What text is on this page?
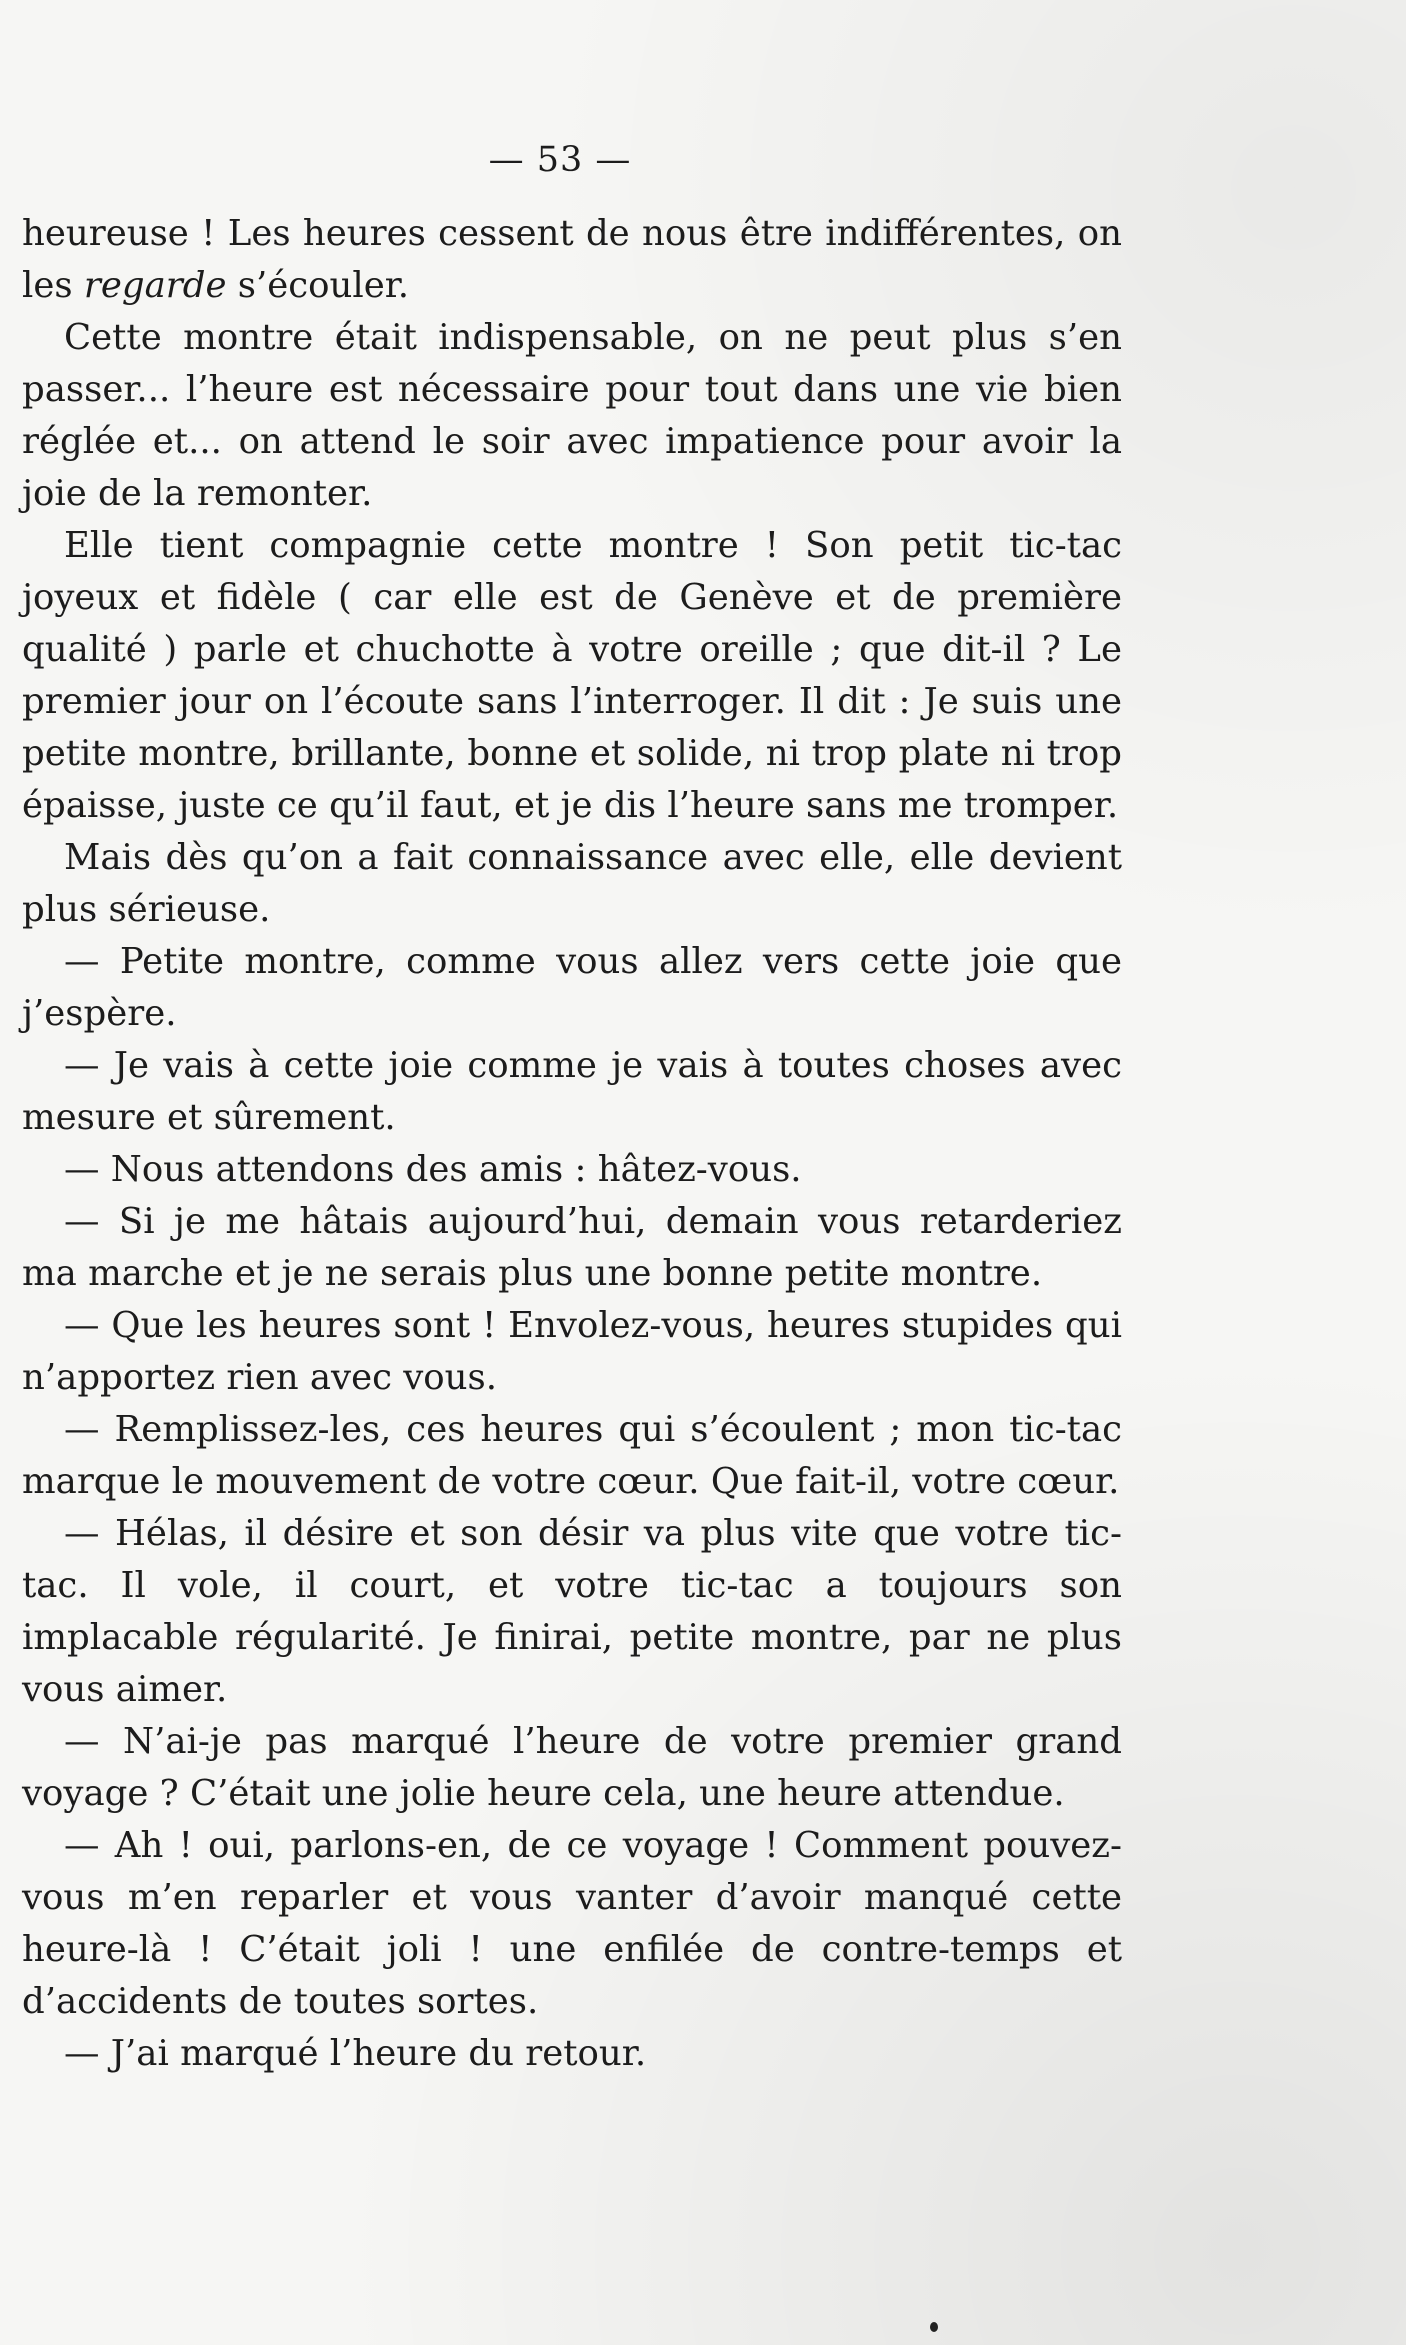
— 53 —

heureuse ! Les heures cessent de nous être indifférentes, on les regarde s’écouler.

Cette montre était indispensable, on ne peut plus s’en passer... l’heure est nécessaire pour tout dans une vie bien réglée et... on attend le soir avec impatience pour avoir la joie de la remonter.

Elle tient compagnie cette montre ! Son petit tic-tac joyeux et fidèle ( car elle est de Genève et de première qualité ) parle et chuchotte à votre oreille ; que dit-il ? Le premier jour on l’écoute sans l’interroger. Il dit : Je suis une petite montre, brillante, bonne et solide, ni trop plate ni trop épaisse, juste ce qu’il faut, et je dis l’heure sans me tromper.

Mais dès qu’on a fait connaissance avec elle, elle devient plus sérieuse.

— Petite montre, comme vous allez vers cette joie que j’espère.

— Je vais à cette joie comme je vais à toutes choses avec mesure et sûrement.

— Nous attendons des amis : hâtez-vous.

— Si je me hâtais aujourd’hui, demain vous retarderiez ma marche et je ne serais plus une bonne petite montre.

— Que les heures sont ! Envolez-vous, heures stupides qui n’apportez rien avec vous.

— Remplissez-les, ces heures qui s’écoulent ; mon tic-tac marque le mouvement de votre cœur. Que fait-il, votre cœur.

— Hélas, il désire et son désir va plus vite que votre tic-tac. Il vole, il court, et votre tic-tac a toujours son implacable régularité. Je finirai, petite montre, par ne plus vous aimer.

— N’ai-je pas marqué l’heure de votre premier grand voyage ? C’était une jolie heure cela, une heure attendue.

— Ah ! oui, parlons-en, de ce voyage ! Comment pouvez-vous m’en reparler et vous vanter d’avoir manqué cette heure-là ! C’était joli ! une enfilée de contre-temps et d’accidents de toutes sortes.

— J’ai marqué l’heure du retour.
